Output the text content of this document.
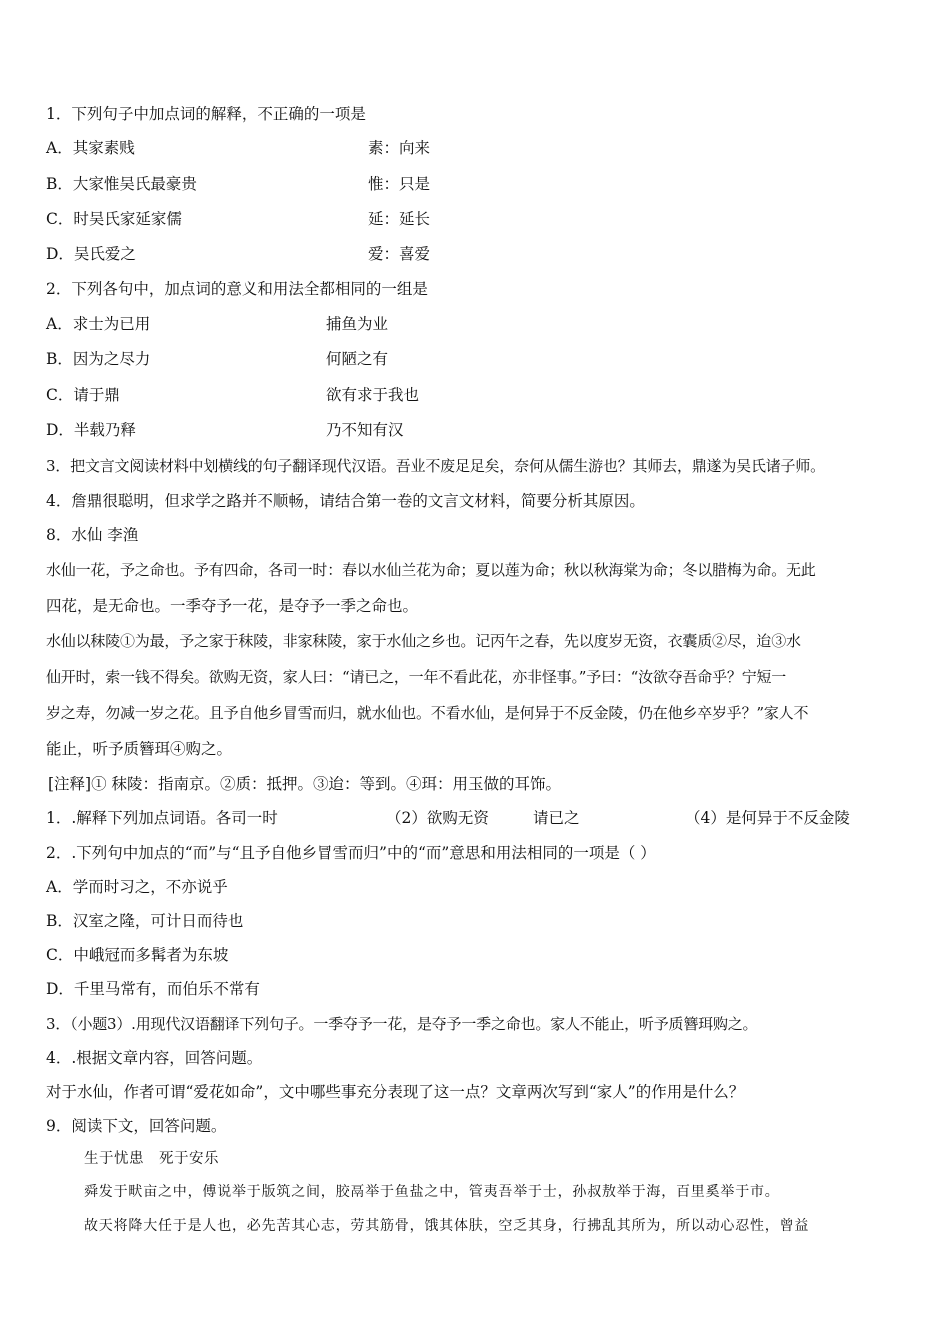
1．下列句子中加点词的解释，不正确的一项是
A．其家素贱	素：向来
B．大家惟吴氏最豪贵	惟：只是
C．时吴氏家延家儒	延：延长
D．吴氏爱之	爱：喜爱
2．下列各句中，加点词的意义和用法全都相同的一组是
A．求士为已用	捕鱼为业
B．因为之尽力	何陋之有
C．请于鼎	欲有求于我也
D．半载乃释	乃不知有汉
3．把文言文阅读材料中划横线的句子翻译现代汉语。吾业不废足足矣，奈何从儒生游也？其师去，鼎遂为吴氏诸子师。
4．詹鼎很聪明，但求学之路并不顺畅，请结合第一卷的文言文材料，简要分析其原因。
8．水仙 李渔
水仙一花，予之命也。予有四命，各司一时：春以水仙兰花为命；夏以莲为命；秋以秋海棠为命；冬以腊梅为命。无此
四花，是无命也。一季夺予一花，是夺予一季之命也。
水仙以秣陵①为最，予之家于秣陵，非家秣陵，家于水仙之乡也。记丙午之春，先以度岁无资，衣囊质②尽，迨③水
仙开时，索一钱不得矣。欲购无资，家人曰：“请已之，一年不看此花，亦非怪事。”予曰：“汝欲夺吾命乎？宁短一
岁之寿，勿减一岁之花。且予自他乡冒雪而归，就水仙也。不看水仙，是何异于不反金陵，仍在他乡卒岁乎？”家人不
能止，听予质簪珥④购之。
[注释]① 秣陵：指南京。②质：抵押。③迨：等到。④珥：用玉做的耳饰。
1．.解释下列加点词语。各司一时	（2）欲购无资	请已之	（4）是何异于不反金陵
2．.下列句中加点的“而”与“且予自他乡冒雪而归”中的“而”意思和用法相同的一项是（ ）
A．学而时习之，不亦说乎
B．汉室之隆，可计日而待也
C．中峨冠而多髯者为东坡
D．千里马常有，而伯乐不常有
3．（小题3）.用现代汉语翻译下列句子。一季夺予一花，是夺予一季之命也。家人不能止，听予质簪珥购之。
4．.根据文章内容，回答问题。
对于水仙，作者可谓“爱花如命”，文中哪些事充分表现了这一点？文章两次写到“家人”的作用是什么？
9．阅读下文，回答问题。
生于忧患　死于安乐
舜发于畎亩之中，傅说举于版筑之间，胶鬲举于鱼盐之中，管夷吾举于士，孙叔敖举于海，百里奚举于市。
故天将降大任于是人也，必先苦其心志，劳其筋骨，饿其体肤，空乏其身，行拂乱其所为，所以动心忍性，曾益
